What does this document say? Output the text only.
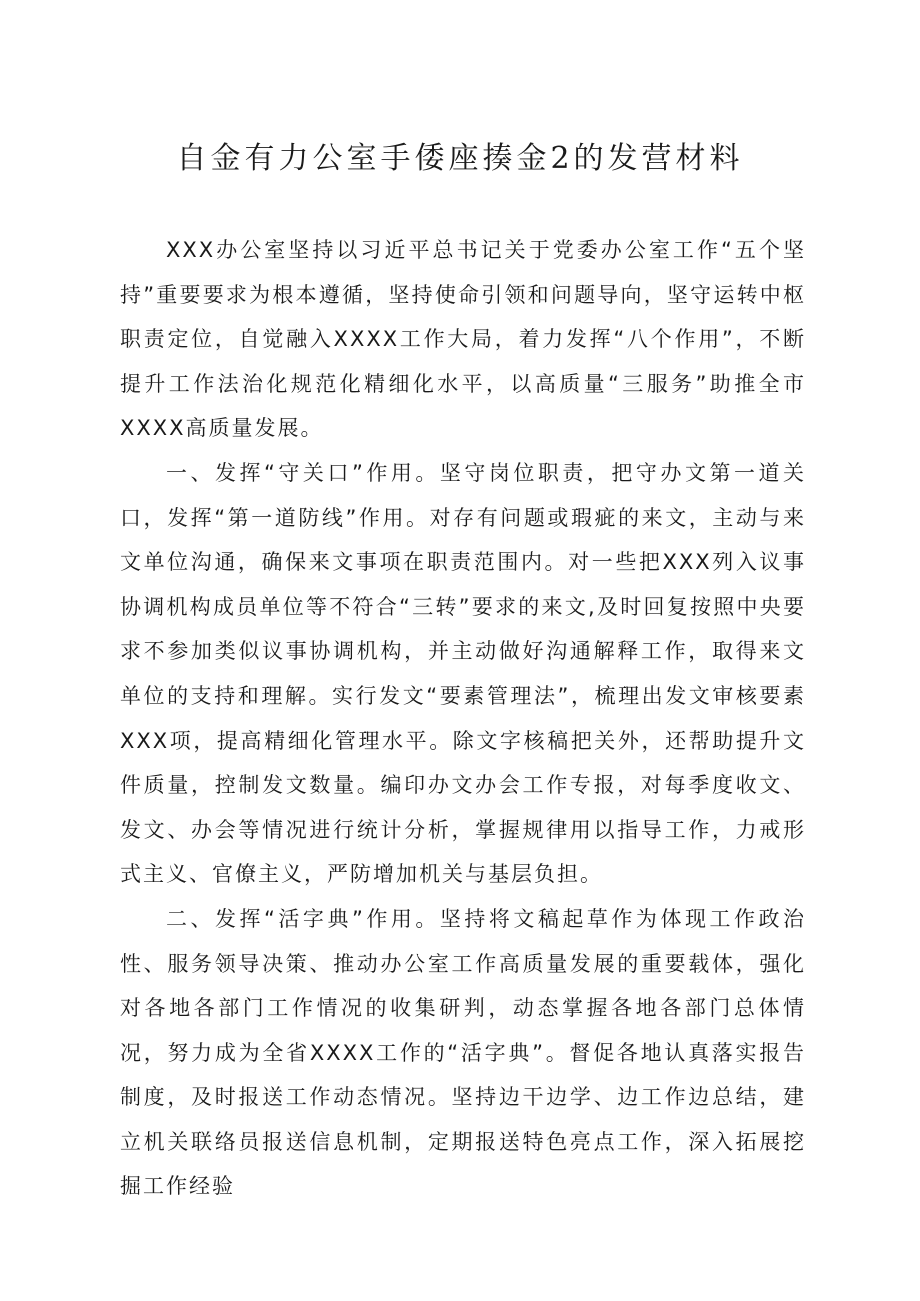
自金有力公室手倭座揍金2的发营材料

XXX办公室坚持以习近平总书记关于党委办公室工作“五个坚持”重要要求为根本遵循，坚持使命引领和问题导向，坚守运转中枢职责定位，自觉融入XXXX工作大局，着力发挥“八个作用”，不断提升工作法治化规范化精细化水平，以高质量“三服务”助推全市XXXX高质量发展。

一、发挥“守关口”作用。坚守岗位职责，把守办文第一道关口，发挥“第一道防线”作用。对存有问题或瑕疵的来文，主动与来文单位沟通，确保来文事项在职责范围内。对一些把XXX列入议事协调机构成员单位等不符合“三转”要求的来文,及时回复按照中央要求不参加类似议事协调机构，并主动做好沟通解释工作，取得来文单位的支持和理解。实行发文“要素管理法”，梳理出发文审核要素XXX项，提高精细化管理水平。除文字核稿把关外，还帮助提升文件质量，控制发文数量。编印办文办会工作专报，对每季度收文、发文、办会等情况进行统计分析，掌握规律用以指导工作，力戒形式主义、官僚主义，严防增加机关与基层负担。

二、发挥“活字典”作用。坚持将文稿起草作为体现工作政治性、服务领导决策、推动办公室工作高质量发展的重要载体，强化对各地各部门工作情况的收集研判，动态掌握各地各部门总体情况，努力成为全省XXXX工作的“活字典”。督促各地认真落实报告制度，及时报送工作动态情况。坚持边干边学、边工作边总结，建立机关联络员报送信息机制，定期报送特色亮点工作，深入拓展挖掘工作经验
